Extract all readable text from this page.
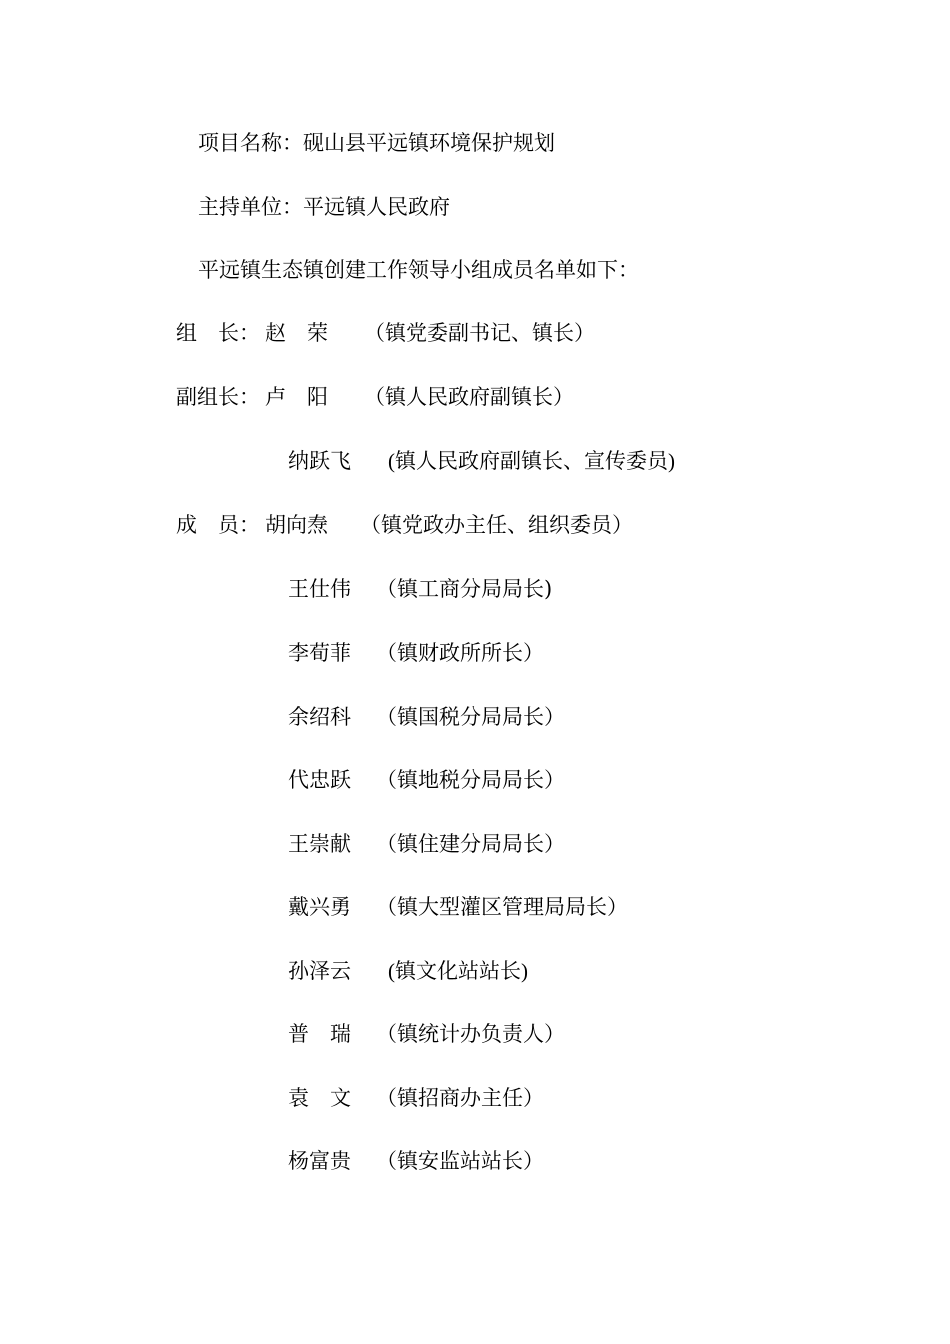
项目名称：砚山县平远镇环境保护规划
主持单位：平远镇人民政府
平远镇生态镇创建工作领导小组成员名单如下：
组　长： 赵　荣 （镇党委副书记、镇长）
副组长： 卢　阳 （镇人民政府副镇长）
纳跃飞 (镇人民政府副镇长、宣传委员)
成　员： 胡向焘 （镇党政办主任、组织委员）
王仕伟 （镇工商分局局长)
李荀菲 （镇财政所所长）
余绍科 （镇国税分局局长）
代忠跃 （镇地税分局局长）
王崇献 （镇住建分局局长）
戴兴勇 （镇大型灌区管理局局长）
孙泽云 (镇文化站站长)
普　瑞 （镇统计办负责人）
袁　文 （镇招商办主任）
杨富贵 （镇安监站站长）
